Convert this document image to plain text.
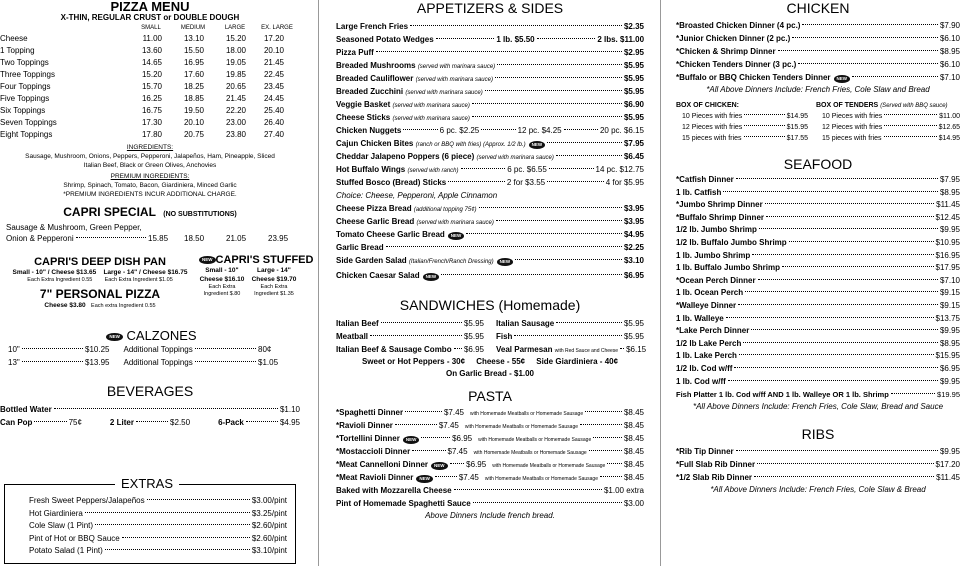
PIZZA MENU
X-THIN, REGULAR CRUST or DOUBLE DOUGH
SMALL	MEDIUM	LARGE	EX. LARGE
Cheese	11.00	13.10	15.20	17.20
1 Topping	13.60	15.50	18.00	20.10
Two Toppings	14.65	16.95	19.05	21.45
Three Toppings	15.20	17.60	19.85	22.45
Four Toppings	15.70	18.25	20.65	23.45
Five Toppings	16.25	18.85	21.45	24.45
Six Toppings	16.75	19.50	22.20	25.40
Seven Toppings	17.30	20.10	23.00	26.40
Eight Toppings	17.80	20.75	23.80	27.40
INGREDIENTS:
Sausage, Mushroom, Onions, Peppers, Pepperoni, Jalapeños, Ham, Pineapple, Sliced Italian Beef, Black or Green Olives, Anchovies
PREMIUM INGREDIENTS:
Shrimp, Spinach, Tomato, Bacon, Giardiniera, Minced Garlic
*PREMIUM INGREDIENTS INCUR ADDITIONAL CHARGE.
CAPRI SPECIAL (NO SUBSTITUTIONS)
Sausage & Mushroom, Green Pepper,
Onion & Pepperoni	15.85	18.50	21.05	23.95
CAPRI'S DEEP DISH PAN
Small - 10" / Cheese $13.65 Large - 14" / Cheese $16.75
Each Extra Ingredient 0.55 Each Extra Ingredient $1.05
7" PERSONAL PIZZA
Cheese $3.80 Each extra Ingredient 0.55
NEW CAPRI'S STUFFED
Small - 10"	Large - 14"
Cheese $16.10 Cheese $19.70
Each Extra Ingredient $.80
Each Extra Ingredient $1.35
NEW CALZONES
10"	$10.25 Additional Toppings	80¢
13"	$13.95 Additional Toppings	$1.05
BEVERAGES
Bottled Water	$1.10
Can Pop	75¢	2 Liter	$2.50	6-Pack	$4.95
EXTRAS
Fresh Sweet Peppers/Jalapeños	$3.00/pint
Hot Giardiniera	$3.25/pint
Cole Slaw (1 Pint)	$2.60/pint
Pint of Hot or BBQ Sauce	$2.60/pint
Potato Salad (1 Pint)	$3.10/pint
APPETIZERS & SIDES
Large French Fries	$2.35
Seasoned Potato Wedges	1 lb. $5.50	2 lbs. $11.00
Pizza Puff	$2.95
Breaded Mushrooms
(served with marinara sauce)	$5.95
Breaded Cauliflower
(served with marinara sauce)	$5.95
Breaded Zucchini
(served with marinara sauce)	$5.95
Veggie Basket
(served with marinara sauce)	$6.90
Cheese Sticks
(served with marinara sauce)	$5.95
Chicken Nuggets	6 pc. $2.25	12 pc. $4.25	20 pc. $6.15
Cajun Chicken Bites
(ranch or BBQ with fries) (Approx. 1/2 lb.)	NEW	$7.95
Cheddar Jalapeno Poppers (6 piece)
(served with marinara sauce)	$6.45
Hot Buffalo Wings
(served with ranch)	6 pc. $6.55	14 pc. $12.75
Stuffed Bosco (Bread) Sticks	2 for $3.55	4 for $5.95
Choice: Cheese, Pepperoni, Apple Cinnamon
Cheese Pizza Bread
(additional topping 75¢)	$3.95
Cheese Garlic Bread
(served with marinara sauce)	$3.95
Tomato Cheese Garlic Bread	NEW	$4.95
Garlic Bread	$2.25
Side Garden Salad
(Italian/French/Ranch Dressing)	NEW	$3.10
Chicken Caesar Salad	NEW	$6.95
SANDWICHES (Homemade)
Italian Beef	$5.95
Meatball	$5.95
Italian Beef & Sausage Combo $6.95
Italian Sausage	$5.95
Fish	$5.95
Veal Parmesan
with Red Sauce and Cheese $6.15
Sweet or Hot Peppers - 30¢     Cheese - 55¢     Side Giardiniera - 40¢
On Garlic Bread - $1.00
PASTA
*Spaghetti Dinner	$7.45 with Homemade Meatballs or Homemade Sausage	$8.45
*Ravioli Dinner	$7.45 with Homemade Meatballs or Homemade Sausage	$8.45
*Tortellini Dinner	NEW	$6.95 with Homemade Meatballs or Homemade Sausage	$8.45
*Mostaccioli Dinner	$7.45 with Homemade Meatballs or Homemade Sausage	$8.45
*Meat Cannelloni Dinner	NEW	$6.95 with Homemade Meatballs or Homemade Sausage $8.45
*Meat Ravioli Dinner	NEW	$7.45 with Homemade Meatballs or Homemade Sausage	$8.45
Baked with Mozzarella Cheese	$1.00 extra
Pint of Homemade Spaghetti Sauce	$3.00
Above Dinners Include french bread.
CHICKEN
*Broasted Chicken Dinner (4 pc.)	$7.90
*Junior Chicken Dinner (2 pc.)	$6.10
*Chicken & Shrimp Dinner	$8.95
*Chicken Tenders Dinner (3 pc.)	$6.10
*Buffalo or BBQ Chicken Tenders Dinner	NEW	$7.10
*All Above Dinners Include: French Fries, Cole Slaw and Bread
BOX OF CHICKEN:
10 Pieces with fries	$14.95
12 Pieces with fries	$15.95
15 pieces with fries	$17.55
BOX OF TENDERS (Served with BBQ sauce)
10 Pieces with fries	$11.00
12 Pieces with fries	$12.65
15 pieces with fries	$14.95
SEAFOOD
*Catfish Dinner	$7.95
1 lb. Catfish	$8.95
*Jumbo Shrimp Dinner	$11.45
*Buffalo Shrimp Dinner	$12.45
1/2 lb. Jumbo Shrimp	$9.95
1/2 lb. Buffalo Jumbo Shrimp	$10.95
1 lb. Jumbo Shrimp	$16.95
1 lb. Buffalo Jumbo Shrimp	$17.95
*Ocean Perch Dinner	$7.10
1 lb. Ocean Perch	$9.15
*Walleye Dinner	$9.15
1 lb. Walleye	$13.75
*Lake Perch Dinner	$9.95
1/2 lb Lake Perch	$8.95
1 lb. Lake Perch	$15.95
1/2 lb. Cod w/ff	$6.95
1 lb. Cod w/ff	$9.95
Fish Platter 1 lb. Cod w/ff AND 1 lb. Walleye OR 1 lb. Shrimp	$19.95
*All Above Dinners Include: French Fries, Cole Slaw, Bread and Sauce
RIBS
*Rib Tip Dinner	$9.95
*Full Slab Rib Dinner	$17.20
*1/2 Slab Rib Dinner	$11.45
*All Above Dinners Include: French Fries, Cole Slaw & Bread
